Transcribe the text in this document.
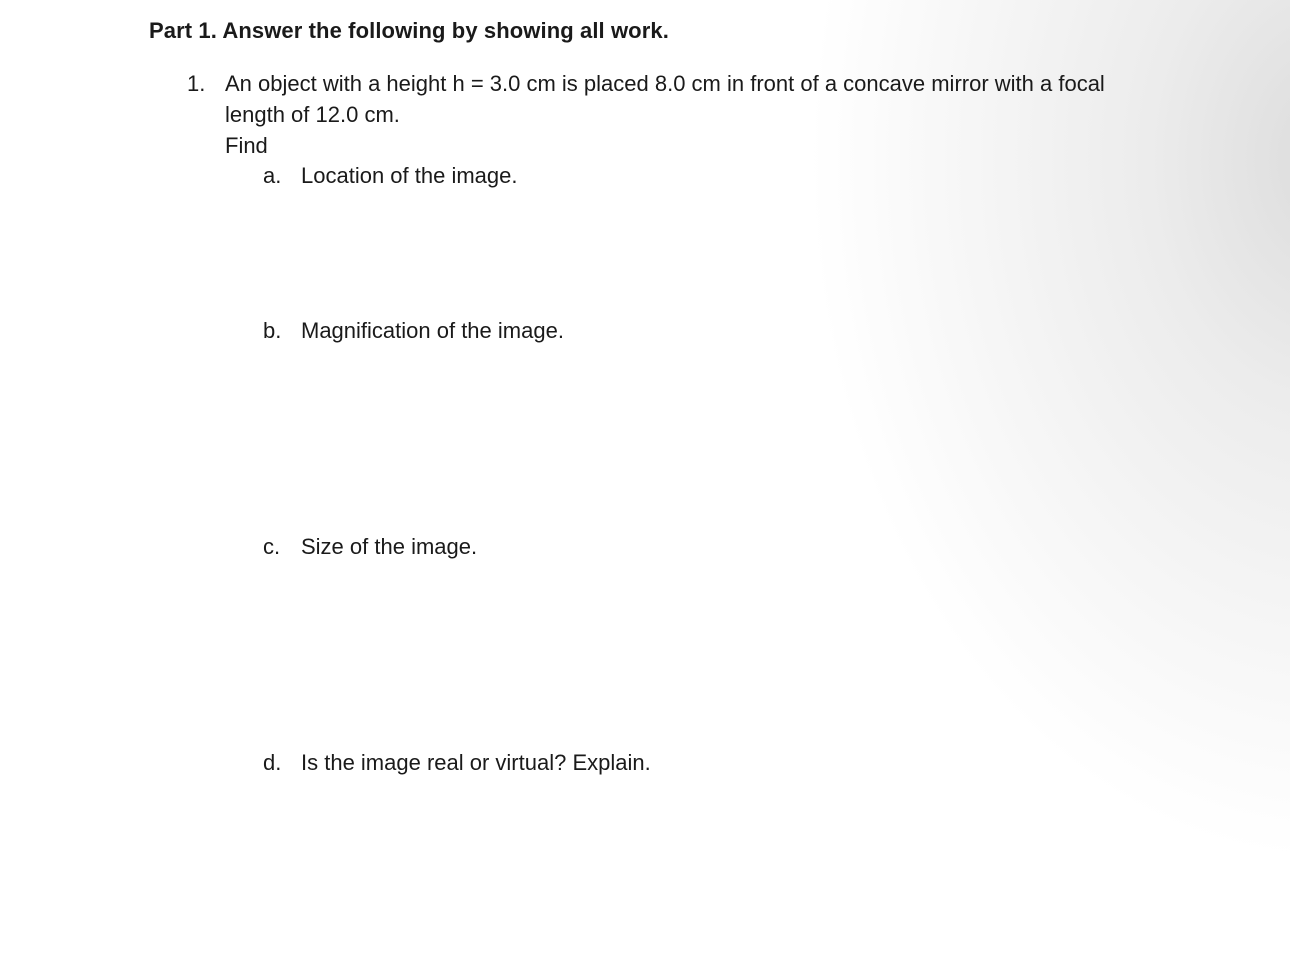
Part 1. Answer the following by showing all work.
1. An object with a height h = 3.0 cm is placed 8.0 cm in front of a concave mirror with a focal
length of 12.0 cm.
Find
a. Location of the image.
b. Magnification of the image.
c. Size of the image.
d. Is the image real or virtual? Explain.
